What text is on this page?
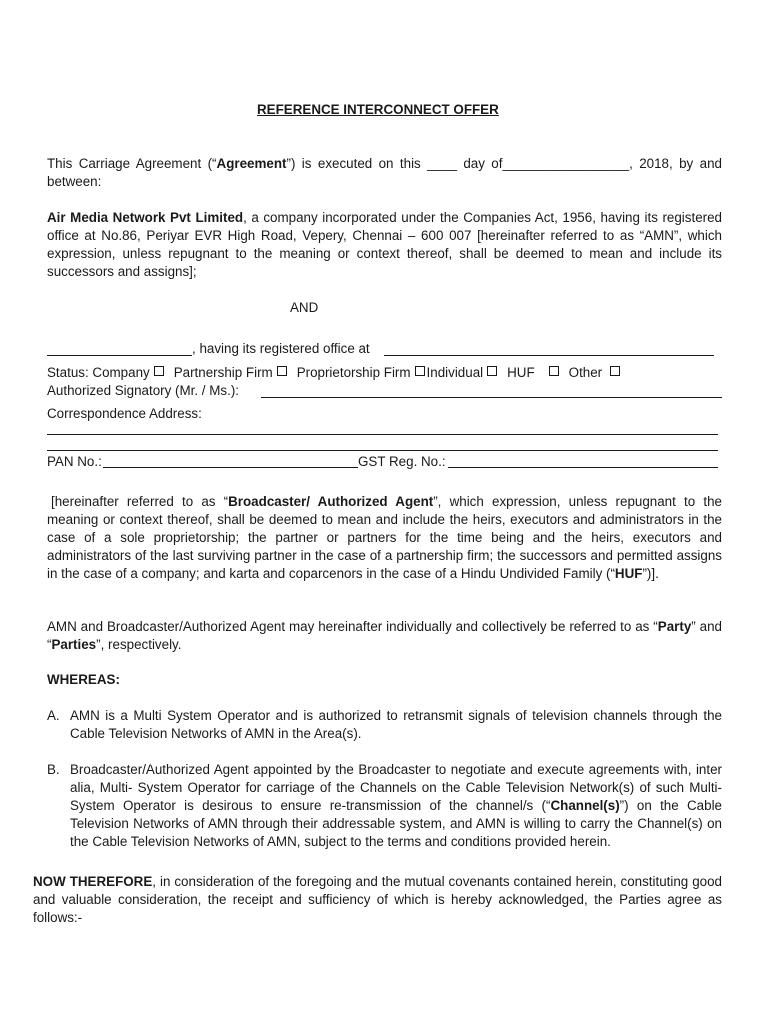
REFERENCE INTERCONNECT OFFER
This Carriage Agreement (“Agreement”) is executed on this ____ day of_________________, 2018, by and between:
Air Media Network Pvt Limited, a company incorporated under the Companies Act, 1956, having its registered office at No.86, Periyar EVR High Road, Vepery, Chennai – 600 007 [hereinafter referred to as “AMN”, which expression, unless repugnant to the meaning or context thereof, shall be deemed to mean and include its successors and assigns];
AND
, having its registered office at
Status: Company Partnership Firm Proprietorship Firm Individual HUF	Other
Authorized Signatory (Mr. / Ms.):
Correspondence Address:
PAN No.:	GST Reg. No.:
[hereinafter referred to as “Broadcaster/ Authorized Agent”, which expression, unless repugnant to the meaning or context thereof, shall be deemed to mean and include the heirs, executors and administrators in the case of a sole proprietorship; the partner or partners for the time being and the heirs, executors and administrators of the last surviving partner in the case of a partnership firm; the successors and permitted assigns in the case of a company; and karta and coparcenors in the case of a Hindu Undivided Family (“HUF”)].
AMN and Broadcaster/Authorized Agent may hereinafter individually and collectively be referred to as “Party” and “Parties”, respectively.
WHEREAS:
A. AMN is a Multi System Operator and is authorized to retransmit signals of television channels through the Cable Television Networks of AMN in the Area(s).
B. Broadcaster/Authorized Agent appointed by the Broadcaster to negotiate and execute agreements with, inter alia, Multi- System Operator for carriage of the Channels on the Cable Television Network(s) of such Multi-System Operator is desirous to ensure re-transmission of the channel/s (“Channel(s)”) on the Cable Television Networks of AMN through their addressable system, and AMN is willing to carry the Channel(s) on the Cable Television Networks of AMN, subject to the terms and conditions provided herein.
NOW THEREFORE, in consideration of the foregoing and the mutual covenants contained herein, constituting good and valuable consideration, the receipt and sufficiency of which is hereby acknowledged, the Parties agree as follows:-
